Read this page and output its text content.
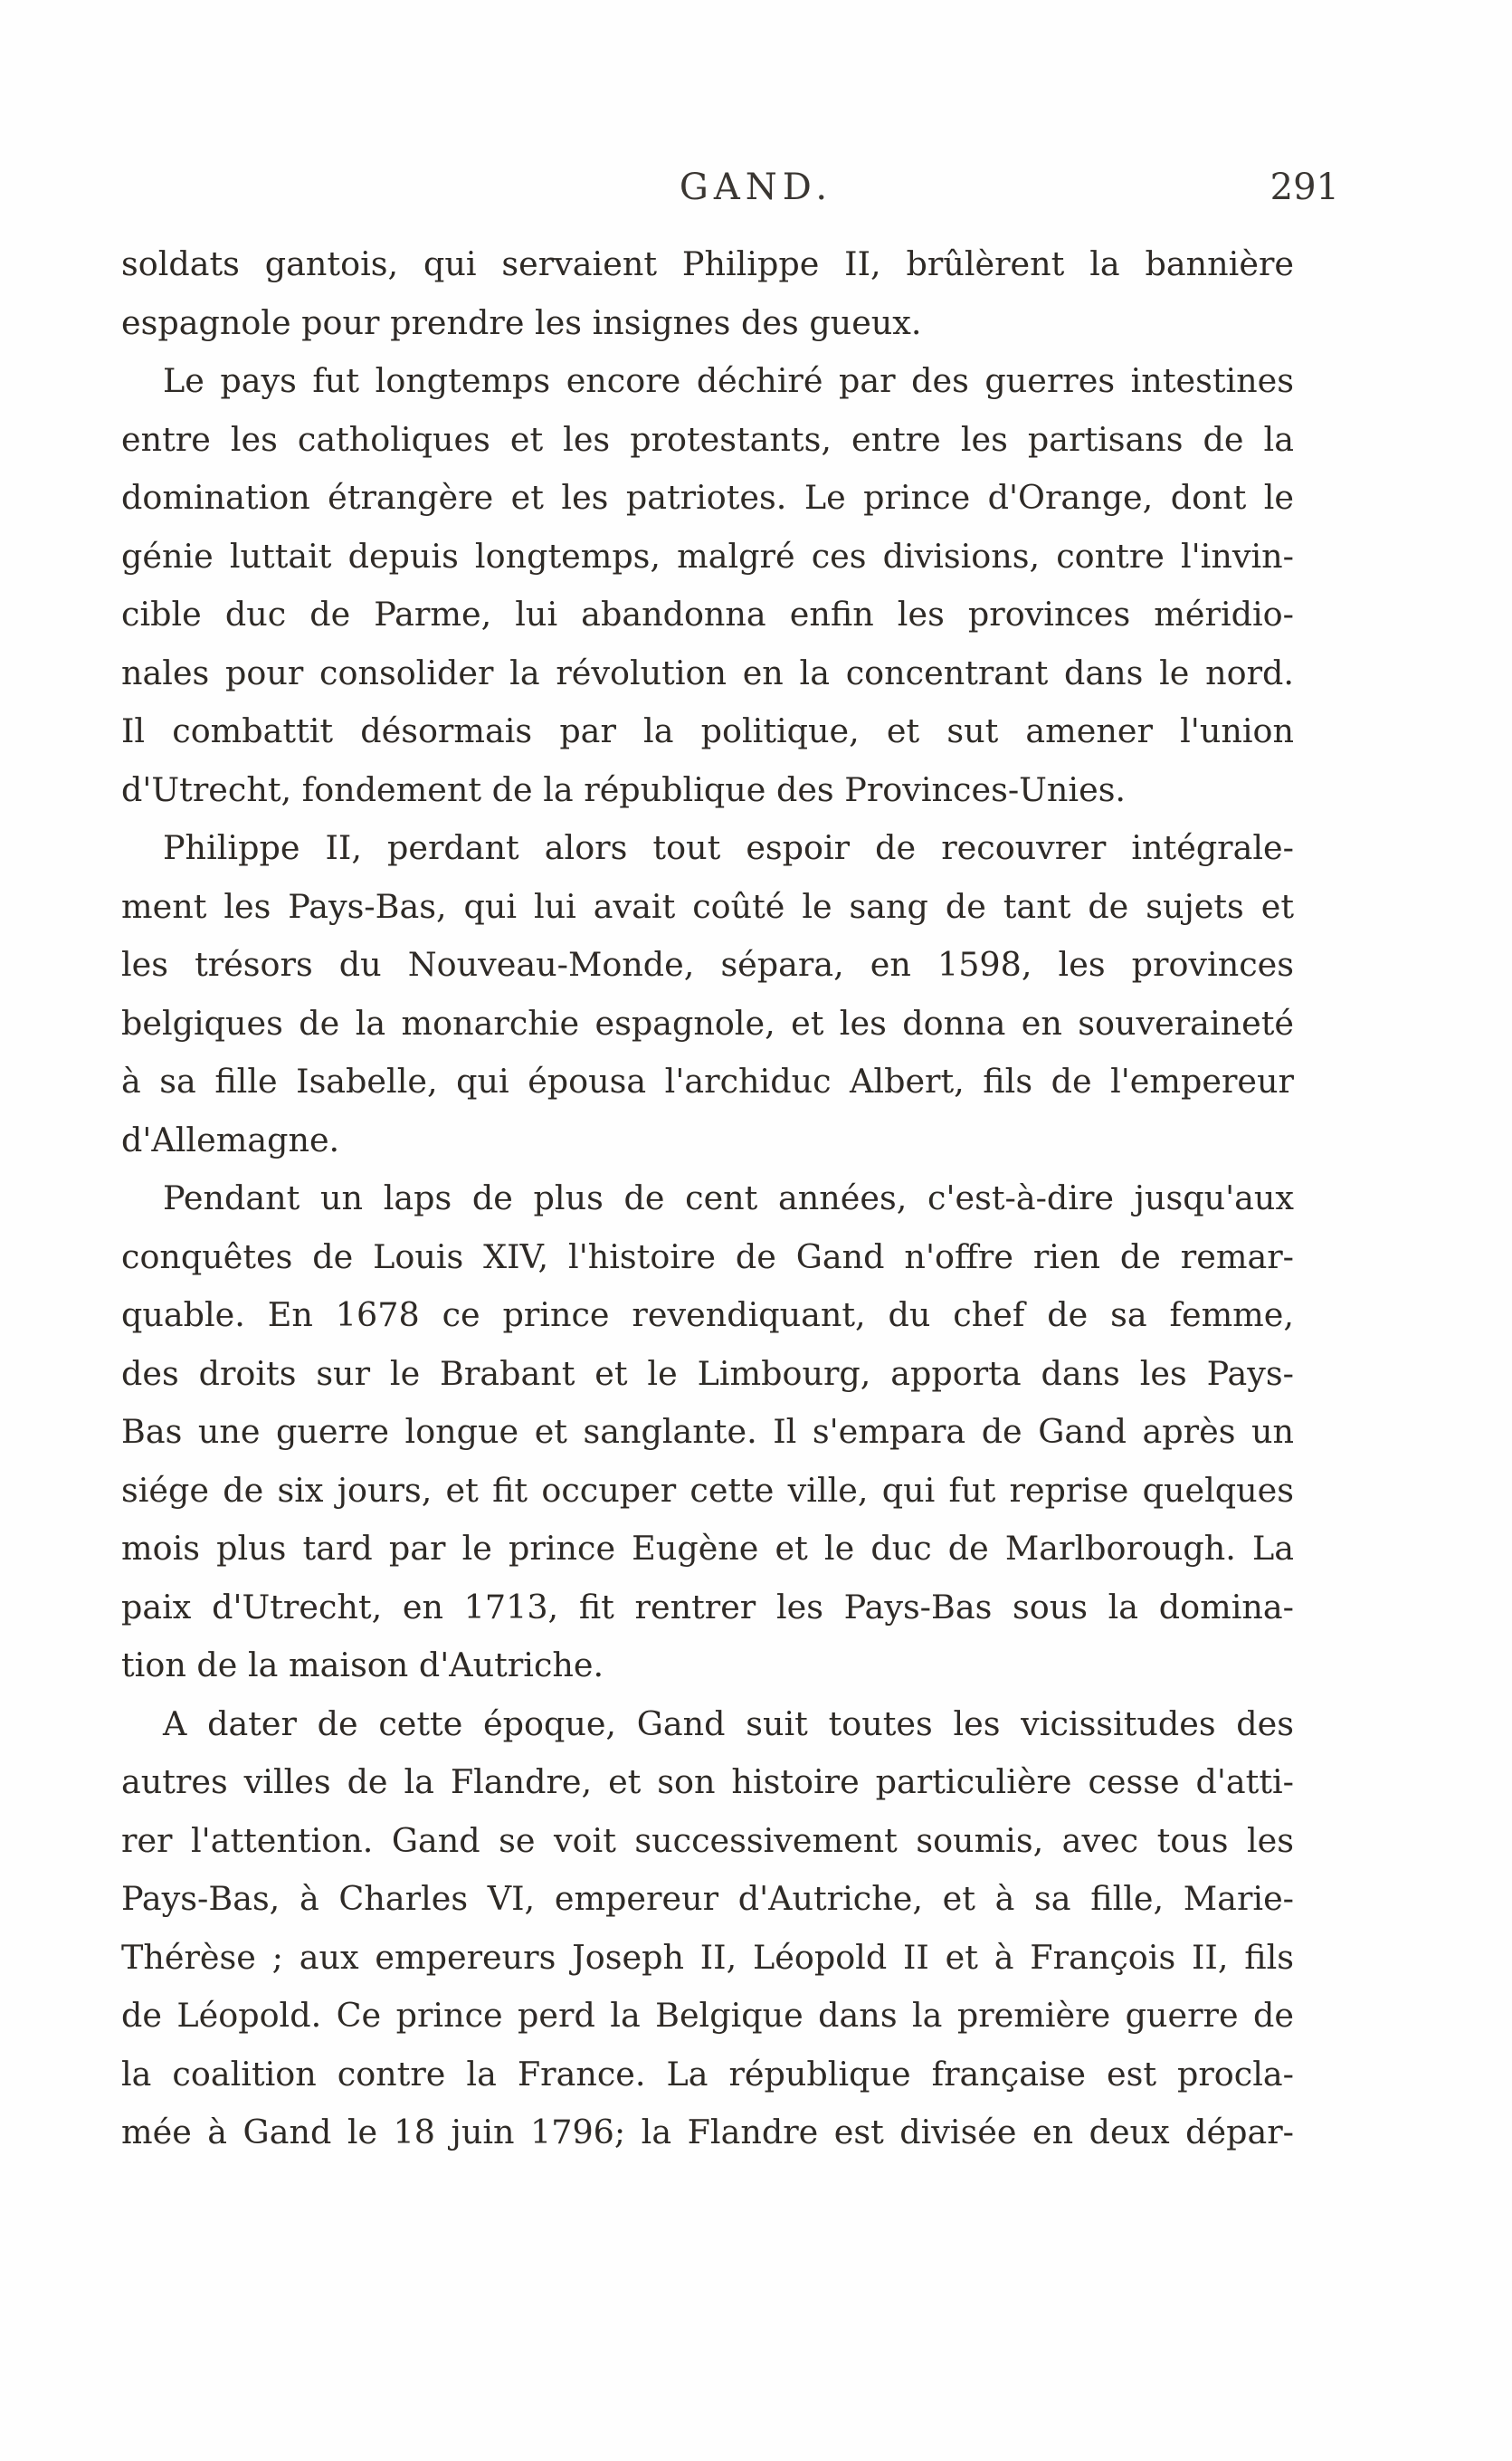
GAND.	291
soldats gantois, qui servaient Philippe II, brûlèrent la bannière
espagnole pour prendre les insignes des gueux.
Le pays fut longtemps encore déchiré par des guerres intestines
entre les catholiques et les protestants, entre les partisans de la
domination étrangère et les patriotes. Le prince d'Orange, dont le
génie luttait depuis longtemps, malgré ces divisions, contre l'invin-
cible duc de Parme, lui abandonna enfin les provinces méridio-
nales pour consolider la révolution en la concentrant dans le nord.
Il combattit désormais par la politique, et sut amener l'union
d'Utrecht, fondement de la république des Provinces-Unies.
Philippe II, perdant alors tout espoir de recouvrer intégrale-
ment les Pays-Bas, qui lui avait coûté le sang de tant de sujets et
les trésors du Nouveau-Monde, sépara, en 1598, les provinces
belgiques de la monarchie espagnole, et les donna en souveraineté
à sa fille Isabelle, qui épousa l'archiduc Albert, fils de l'empereur
d'Allemagne.
Pendant un laps de plus de cent années, c'est-à-dire jusqu'aux
conquêtes de Louis XIV, l'histoire de Gand n'offre rien de remar-
quable. En 1678 ce prince revendiquant, du chef de sa femme,
des droits sur le Brabant et le Limbourg, apporta dans les Pays-
Bas une guerre longue et sanglante. Il s'empara de Gand après un
siége de six jours, et fit occuper cette ville, qui fut reprise quelques
mois plus tard par le prince Eugène et le duc de Marlborough. La
paix d'Utrecht, en 1713, fit rentrer les Pays-Bas sous la domina-
tion de la maison d'Autriche.
A dater de cette époque, Gand suit toutes les vicissitudes des
autres villes de la Flandre, et son histoire particulière cesse d'atti-
rer l'attention. Gand se voit successivement soumis, avec tous les
Pays-Bas, à Charles VI, empereur d'Autriche, et à sa fille, Marie-
Thérèse ; aux empereurs Joseph II, Léopold II et à François II, fils
de Léopold. Ce prince perd la Belgique dans la première guerre de
la coalition contre la France. La république française est procla-
mée à Gand le 18 juin 1796; la Flandre est divisée en deux dépar-
